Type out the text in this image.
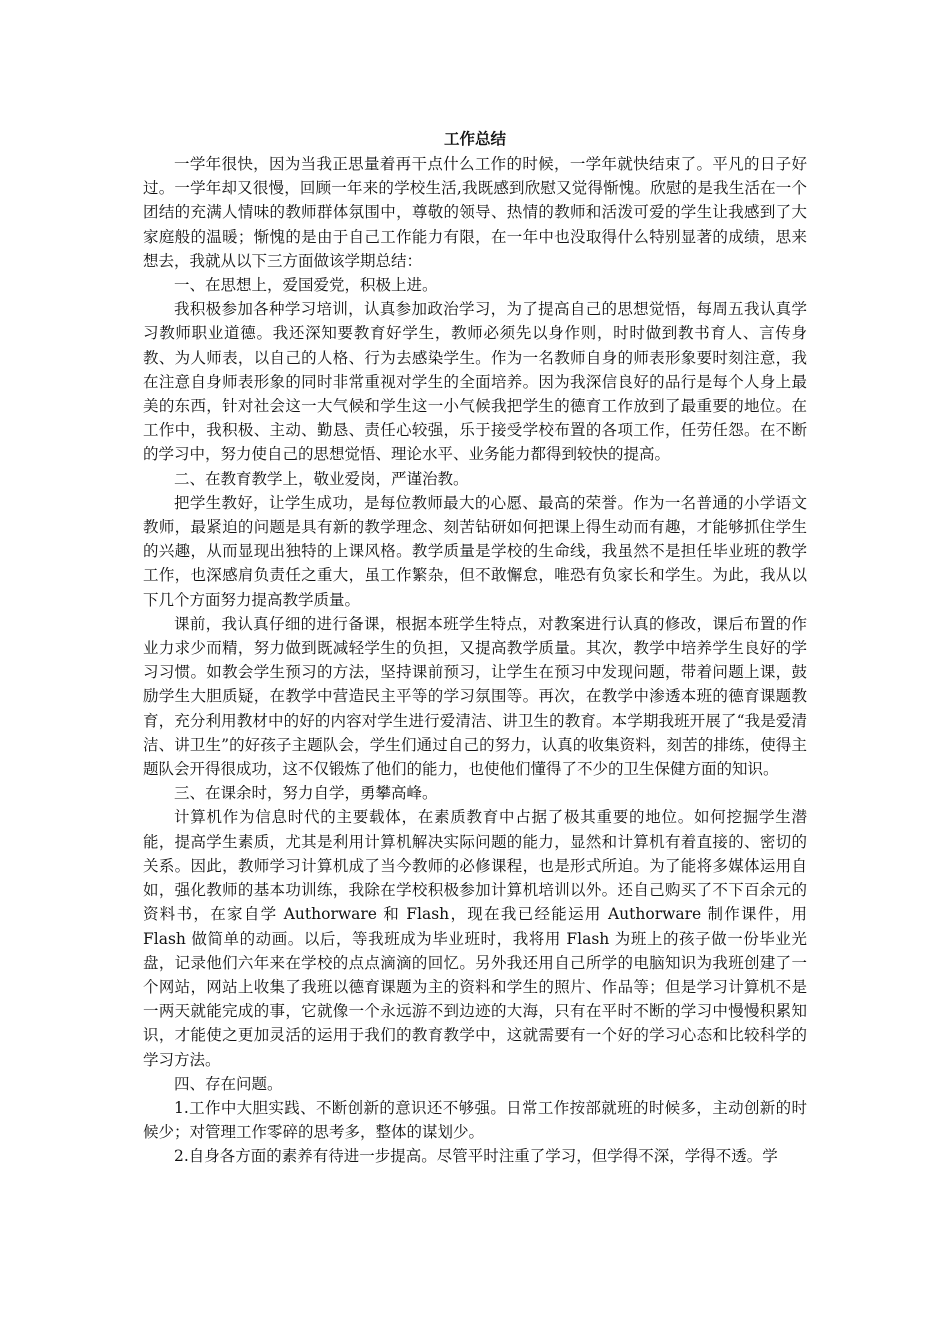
工作总结

一学年很快，因为当我正思量着再干点什么工作的时候，一学年就快结束了。平凡的日子好过。一学年却又很慢，回顾一年来的学校生活,我既感到欣慰又觉得惭愧。欣慰的是我生活在一个团结的充满人情味的教师群体氛围中，尊敬的领导、热情的教师和活泼可爱的学生让我感到了大家庭般的温暖；惭愧的是由于自己工作能力有限，在一年中也没取得什么特别显著的成绩，思来想去，我就从以下三方面做该学期总结：

一、在思想上，爱国爱党，积极上进。

我积极参加各种学习培训，认真参加政治学习，为了提高自己的思想觉悟，每周五我认真学习教师职业道德。我还深知要教育好学生，教师必须先以身作则，时时做到教书育人、言传身教、为人师表，以自己的人格、行为去感染学生。作为一名教师自身的师表形象要时刻注意，我在注意自身师表形象的同时非常重视对学生的全面培养。因为我深信良好的品行是每个人身上最美的东西，针对社会这一大气候和学生这一小气候我把学生的德育工作放到了最重要的地位。在工作中，我积极、主动、勤恳、责任心较强，乐于接受学校布置的各项工作，任劳任怨。在不断的学习中，努力使自己的思想觉悟、理论水平、业务能力都得到较快的提高。

二、在教育教学上，敬业爱岗，严谨治教。

把学生教好，让学生成功，是每位教师最大的心愿、最高的荣誉。作为一名普通的小学语文教师，最紧迫的问题是具有新的教学理念、刻苦钻研如何把课上得生动而有趣，才能够抓住学生的兴趣，从而显现出独特的上课风格。教学质量是学校的生命线，我虽然不是担任毕业班的教学工作，也深感肩负责任之重大，虽工作繁杂，但不敢懈怠，唯恐有负家长和学生。为此，我从以下几个方面努力提高教学质量。

课前，我认真仔细的进行备课，根据本班学生特点，对教案进行认真的修改，课后布置的作业力求少而精，努力做到既减轻学生的负担，又提高教学质量。其次，教学中培养学生良好的学习习惯。如教会学生预习的方法，坚持课前预习，让学生在预习中发现问题，带着问题上课，鼓励学生大胆质疑，在教学中营造民主平等的学习氛围等。再次，在教学中渗透本班的德育课题教育，充分利用教材中的好的内容对学生进行爱清洁、讲卫生的教育。本学期我班开展了“我是爱清洁、讲卫生”的好孩子主题队会，学生们通过自己的努力，认真的收集资料，刻苦的排练，使得主题队会开得很成功，这不仅锻炼了他们的能力，也使他们懂得了不少的卫生保健方面的知识。

三、在课余时，努力自学，勇攀高峰。

计算机作为信息时代的主要载体，在素质教育中占据了极其重要的地位。如何挖掘学生潜能，提高学生素质，尤其是利用计算机解决实际问题的能力，显然和计算机有着直接的、密切的关系。因此，教师学习计算机成了当今教师的必修课程，也是形式所迫。为了能将多媒体运用自如，强化教师的基本功训练，我除在学校积极参加计算机培训以外。还自己购买了不下百余元的资料书，在家自学 Authorware 和 Flash，现在我已经能运用 Authorware 制作课件，用 Flash 做简单的动画。以后，等我班成为毕业班时，我将用 Flash 为班上的孩子做一份毕业光盘，记录他们六年来在学校的点点滴滴的回忆。另外我还用自己所学的电脑知识为我班创建了一个网站，网站上收集了我班以德育课题为主的资料和学生的照片、作品等；但是学习计算机不是一两天就能完成的事，它就像一个永远游不到边迹的大海，只有在平时不断的学习中慢慢积累知识，才能使之更加灵活的运用于我们的教育教学中，这就需要有一个好的学习心态和比较科学的学习方法。

四、存在问题。

1.工作中大胆实践、不断创新的意识还不够强。日常工作按部就班的时候多，主动创新的时候少；对管理工作零碎的思考多，整体的谋划少。

2.自身各方面的素养有待进一步提高。尽管平时注重了学习，但学得不深，学得不透。学
